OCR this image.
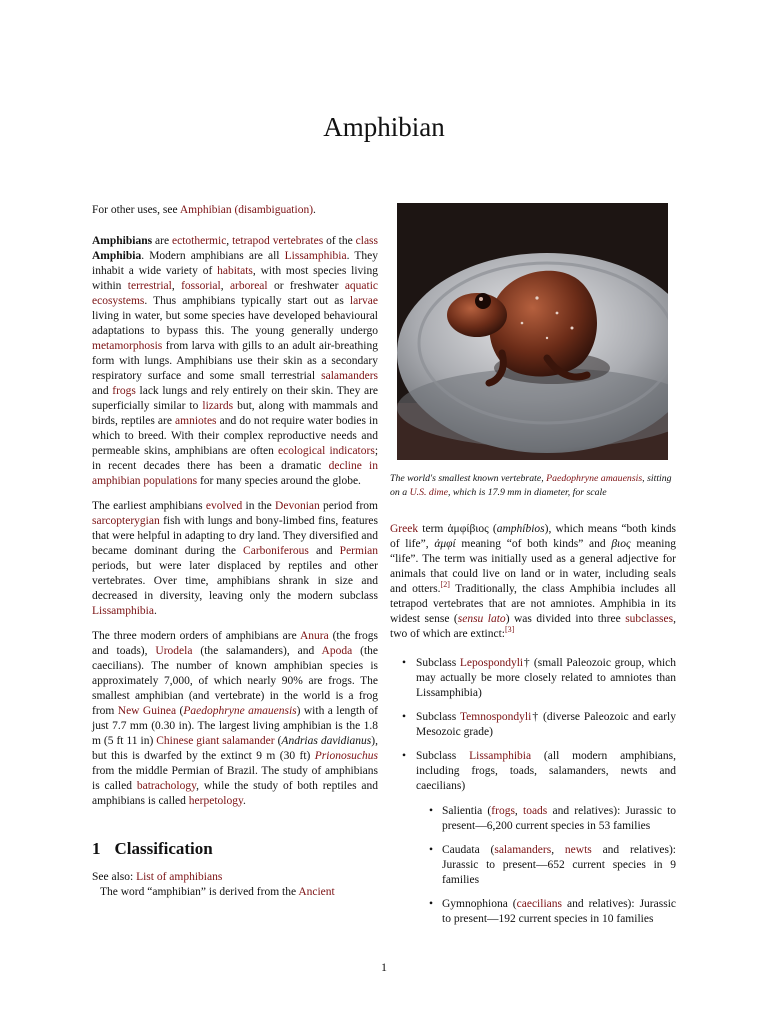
Amphibian

For other uses, see Amphibian (disambiguation).

Amphibians are ectothermic, tetrapod vertebrates of the class Amphibia. Modern amphibians are all Lissamphibia. They inhabit a wide variety of habitats, with most species living within terrestrial, fossorial, arboreal or freshwater aquatic ecosystems. Thus amphibians typically start out as larvae living in water, but some species have developed behavioural adaptations to bypass this. The young generally undergo metamorphosis from larva with gills to an adult air-breathing form with lungs. Amphibians use their skin as a secondary respiratory surface and some small terrestrial salamanders and frogs lack lungs and rely entirely on their skin. They are superficially similar to lizards but, along with mammals and birds, reptiles are amniotes and do not require water bodies in which to breed. With their complex reproductive needs and permeable skins, amphibians are often ecological indicators; in recent decades there has been a dramatic decline in amphibian populations for many species around the globe.

The earliest amphibians evolved in the Devonian period from sarcopterygian fish with lungs and bony-limbed fins, features that were helpful in adapting to dry land. They diversified and became dominant during the Carboniferous and Permian periods, but were later displaced by reptiles and other vertebrates. Over time, amphibians shrank in size and decreased in diversity, leaving only the modern subclass Lissamphibia.

The three modern orders of amphibians are Anura (the frogs and toads), Urodela (the salamanders), and Apoda (the caecilians). The number of known amphibian species is approximately 7,000, of which nearly 90% are frogs. The smallest amphibian (and vertebrate) in the world is a frog from New Guinea (Paedophryne amauensis) with a length of just 7.7 mm (0.30 in). The largest living amphibian is the 1.8 m (5 ft 11 in) Chinese giant salamander (Andrias davidianus), but this is dwarfed by the extinct 9 m (30 ft) Prionosuchus from the middle Permian of Brazil. The study of amphibians is called batrachology, while the study of both reptiles and amphibians is called herpetology.

1 Classification

See also: List of amphibians

The word “amphibian” is derived from the Ancient

The world's smallest known vertebrate, Paedophryne amauensis, sitting on a U.S. dime, which is 17.9 mm in diameter, for scale

Greek term ἀμφίβιος (amphíbios), which means “both kinds of life”, ἀμφί meaning “of both kinds” and βιος meaning “life”. The term was initially used as a general adjective for animals that could live on land or in water, including seals and otters.[2] Traditionally, the class Amphibia includes all tetrapod vertebrates that are not amniotes. Amphibia in its widest sense (sensu lato) was divided into three subclasses, two of which are extinct:[3]

• Subclass Lepospondyli† (small Paleozoic group, which may actually be more closely related to amniotes than Lissamphibia)
• Subclass Temnospondyli† (diverse Paleozoic and early Mesozoic grade)
• Subclass Lissamphibia (all modern amphibians, including frogs, toads, salamanders, newts and caecilians)
• Salientia (frogs, toads and relatives): Jurassic to present—6,200 current species in 53 families
• Caudata (salamanders, newts and relatives): Jurassic to present—652 current species in 9 families
• Gymnophiona (caecilians and relatives): Jurassic to present—192 current species in 10 families
1
